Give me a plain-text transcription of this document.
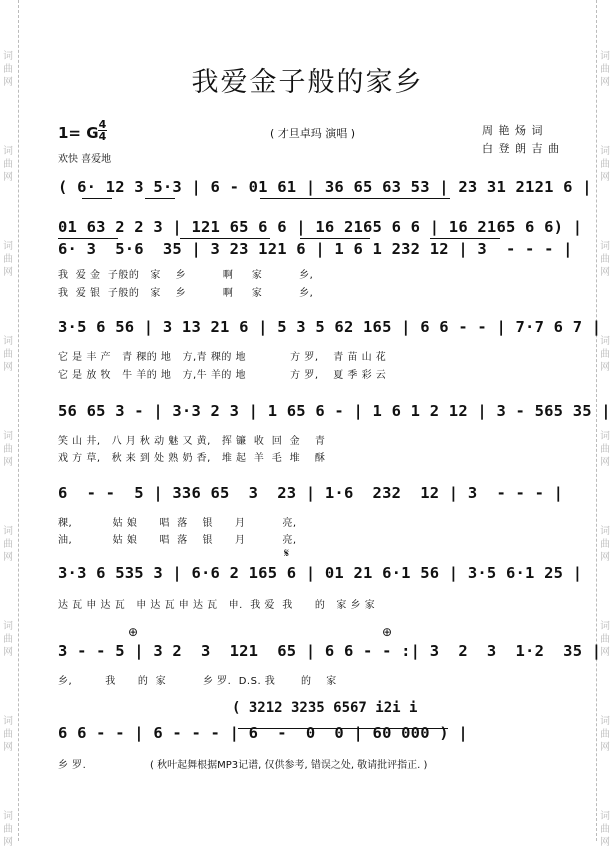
词
曲
网
词
曲
网
词
曲
网
词
曲
网
词
曲
网
词
曲
网
词
曲
网
词
曲
网
词
曲
网
词
曲
网
词
曲
网
词
曲
网
词
曲
网
词
曲
网
词
曲
网
词
曲
网
词
曲
网
词
曲
网
我爱金子般的家乡
( 才旦卓玛 演唱 )	周 艳 炀 词
白 登 朗 吉 曲
1= G 4
4
欢快 喜爱地
( 6· 12 3 5·3 | 6 - 01 61 | 36 65 63 53 | 23 31 2121 6 |
01 63 2 2 3 | 121 65 6 6 | 16 2165 6 6 | 16 2165 6 6) |
6· 3  5·6  35 | 3 23 121 6 | 1 6 1 232 12 | 3  - - - |
我  爱 金  子般的   家    乡          啊     家          乡,
我  爱 银  子般的   家    乡          啊     家          乡,
3·5 6 56 | 3 13 21 6 | 5 3 5 62 165 | 6 6 - - | 7·7 6 7 |
它 是 丰 产   青 稞的 地   方,青 稞的 地            方 罗,    青 苗 山 花
它 是 放 牧   牛 羊的 地   方,牛 羊的 地            方 罗,    夏 季 彩 云
56 65 3 - | 3·3 2 3 | 1 65 6 - | 1 6 1 2 12 | 3 - 565 35 |
笑 山 井,   八 月 秋 动 魅 又 黄,   挥 镰  收  回  金    青
戏 方 草,   秋 来 到 处 熟 奶 香,   堆 起  羊  毛  堆    酥
6  - -  5 | 336 65  3  23 | 1·6  232  12 | 3  - - - |
稞,           姑 娘      唱  落    银      月          亮,
油,           姑 娘      唱  落    银      月          亮,
𝄋
3·3 6 535 3 | 6·6 2 165 6 | 01 21 6·1 56 | 3·5 6·1 25 |
达 瓦 申 达 瓦   申 达 瓦 申 达 瓦   申.  我 爱  我      的   家 乡 家
⊕	⊕
3 - - 5 | 3 2  3  121  65 | 6 6 - - :| 3  2  3  1·2  35 |
乡,         我      的  家          乡 罗.  D.S. 我       的    家
( 3212 3235 6567 i2i i
6 6 - - | 6 - - - | 6  -  0  0 | 60 000 ) |
乡 罗.	( 秋叶起舞根据MP3记谱, 仅供参考, 错误之处, 敬请批评指正. )
